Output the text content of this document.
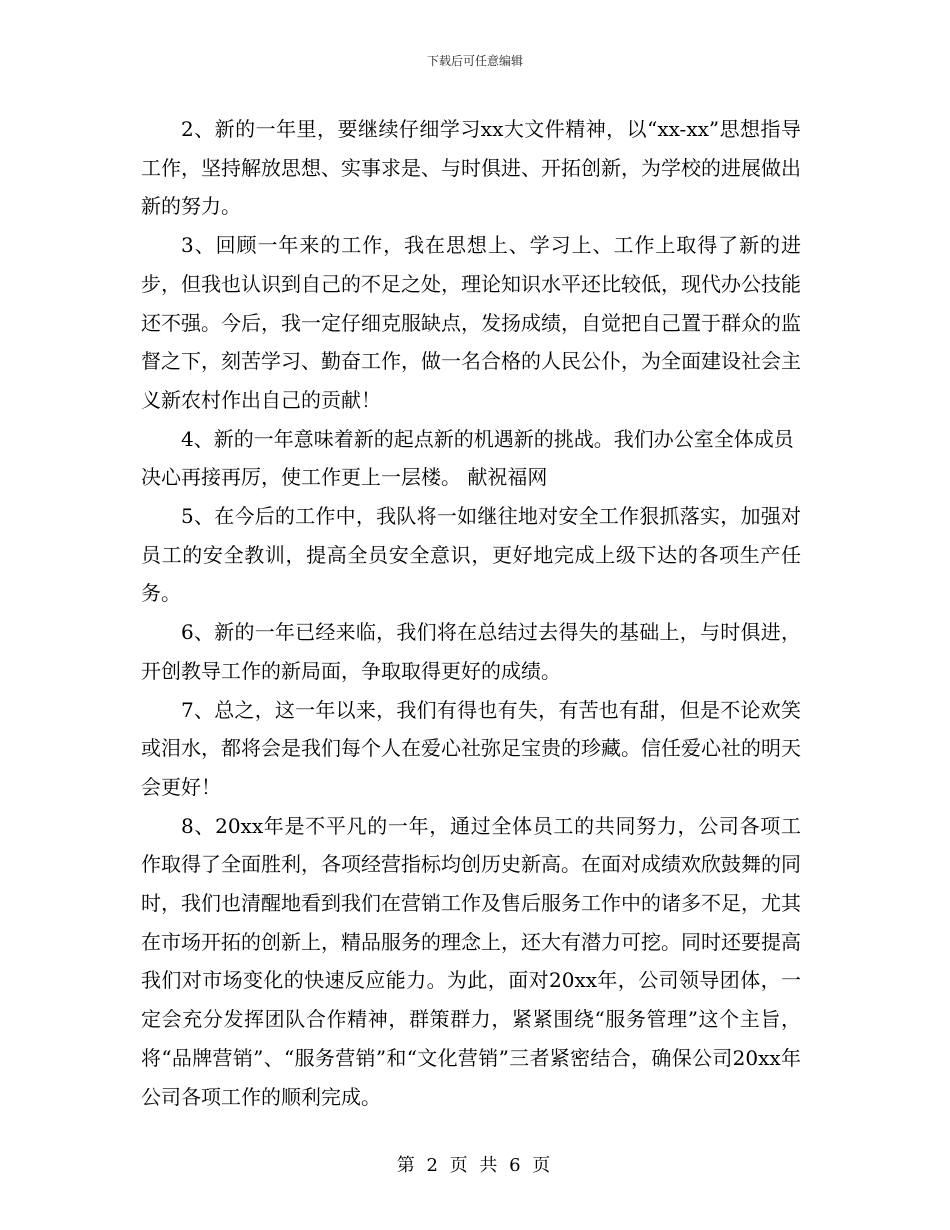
下载后可任意编辑

2、新的一年里，要继续仔细学习xx大文件精神，以“xx-xx”思想指导工作，坚持解放思想、实事求是、与时俱进、开拓创新，为学校的进展做出新的努力。

3、回顾一年来的工作，我在思想上、学习上、工作上取得了新的进步，但我也认识到自己的不足之处，理论知识水平还比较低，现代办公技能还不强。今后，我一定仔细克服缺点，发扬成绩，自觉把自己置于群众的监督之下，刻苦学习、勤奋工作，做一名合格的人民公仆，为全面建设社会主义新农村作出自己的贡献！

4、新的一年意味着新的起点新的机遇新的挑战。我们办公室全体成员决心再接再厉，使工作更上一层楼。 献祝福网

5、在今后的工作中，我队将一如继往地对安全工作狠抓落实，加强对员工的安全教训，提高全员安全意识，更好地完成上级下达的各项生产任务。

6、新的一年已经来临，我们将在总结过去得失的基础上，与时俱进，开创教导工作的新局面，争取取得更好的成绩。

7、总之，这一年以来，我们有得也有失，有苦也有甜，但是不论欢笑或泪水，都将会是我们每个人在爱心社弥足宝贵的珍藏。信任爱心社的明天会更好！

8、20xx年是不平凡的一年，通过全体员工的共同努力，公司各项工作取得了全面胜利，各项经营指标均创历史新高。在面对成绩欢欣鼓舞的同时，我们也清醒地看到我们在营销工作及售后服务工作中的诸多不足，尤其在市场开拓的创新上，精品服务的理念上，还大有潜力可挖。同时还要提高我们对市场变化的快速反应能力。为此，面对20xx年，公司领导团体，一定会充分发挥团队合作精神，群策群力，紧紧围绕“服务管理”这个主旨，将“品牌营销”、“服务营销”和“文化营销”三者紧密结合，确保公司20xx年公司各项工作的顺利完成。

第 2 页 共 6 页
